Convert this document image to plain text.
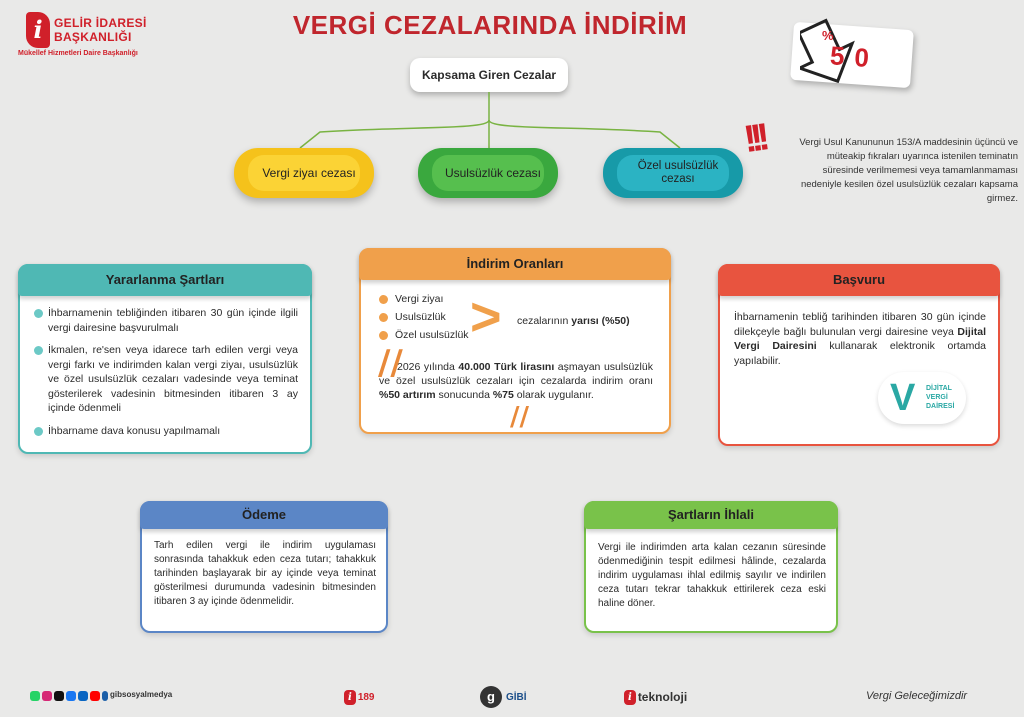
i GELİR İDARESİ
BAŞKANLIĞI
Mükellef Hizmetleri Daire Başkanlığı
VERGİ CEZALARINDA İNDİRİM	%
50
Kapsama Giren Cezalar
Vergi ziyaı cezası	Usulsüzlük cezası	Özel usulsüzlük cezası
!!!	Vergi Usul Kanununun 153/A maddesinin üçüncü ve müteakip fıkraları uyarınca istenilen teminatın süresinde verilmemesi veya tamamlanmaması nedeniyle kesilen özel usulsüzlük cezaları kapsama girmez.
Yararlanma Şartları
İhbarnamenin tebliğinden itibaren 30 gün içinde ilgili vergi dairesine başvurulmalı
İkmalen, re'sen veya idarece tarh edilen vergi veya vergi farkı ve indirimden kalan vergi ziyaı, usulsüzlük ve özel usulsüzlük cezaları vadesinde veya teminat gösterilerek vadesinin bitmesinden itibaren 3 ay içinde ödenmeli
İhbarname dava konusu yapılmamalı
İndirim Oranları
Vergi ziyaı
Usulsüzlük
Özel usulsüzlük
cezalarının yarısı (%50)
2026 yılında 40.000 Türk lirasını aşmayan usulsüzlük ve özel usulsüzlük cezaları için cezalarda indirim oranı %50 artırım sonucunda %75 olarak uygulanır.
>
//
//
Başvuru
İhbarnamenin tebliğ tarihinden itibaren 30 gün içinde dilekçeyle bağlı bulunulan vergi dairesine veya Dijital Vergi Dairesini kullanarak elektronik ortamda yapılabilir.
V DİJİTAL
VERGİ
DAİRESİ
Ödeme
Tarh edilen vergi ile indirim uygulaması sonrasında tahakkuk eden ceza tutarı; tahakkuk tarihinden başlayarak bir ay içinde veya teminat gösterilmesi durumunda vadesinin bitmesinden itibaren 3 ay içinde ödenmelidir.
Şartların İhlali
Vergi ile indirimden arta kalan cezanın süresinde ödenmediğinin tespit edilmesi hâlinde, cezalarda indirim uygulaması ihlal edilmiş sayılır ve indirilen ceza tutarı tekrar tahakkuk ettirilerek ceza eski haline döner.
gibsosyalmedya	i 189	g	GİBİ	i teknoloji	Vergi Geleceğimizdir
